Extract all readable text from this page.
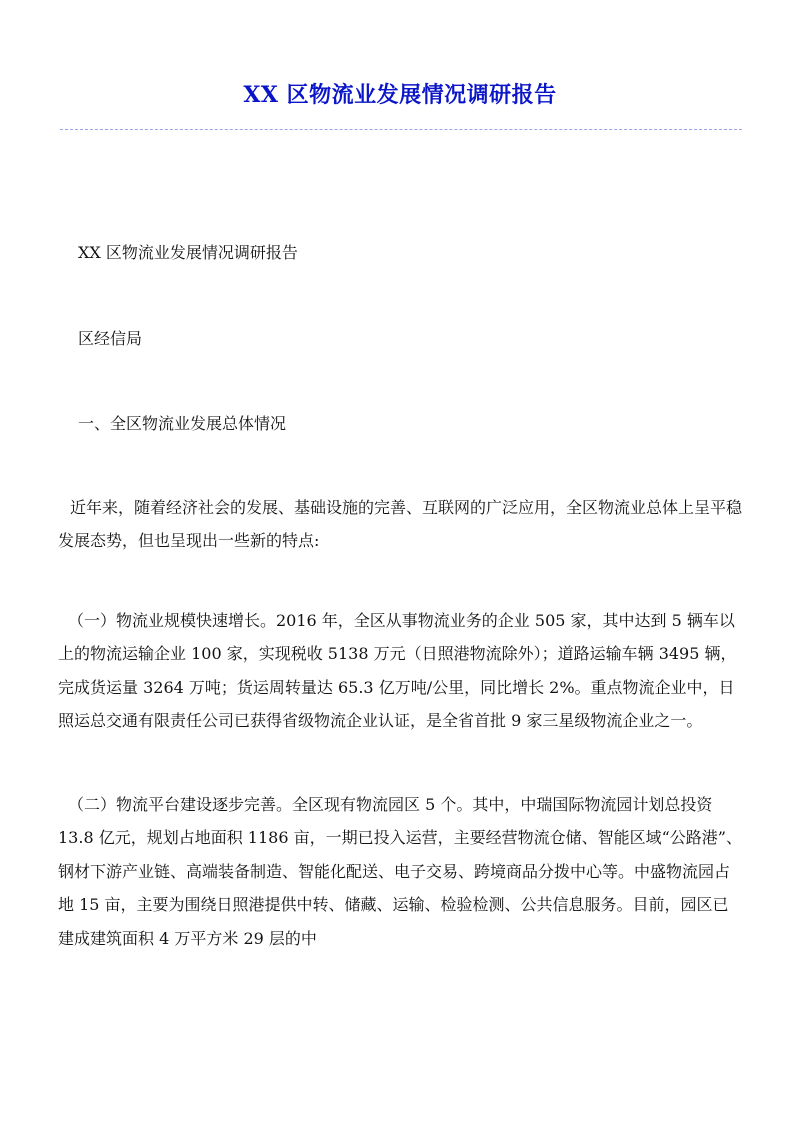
XX 区物流业发展情况调研报告

XX 区物流业发展情况调研报告

区经信局

一、全区物流业发展总体情况

近年来，随着经济社会的发展、基础设施的完善、互联网的广泛应用，全区物流业总体上呈平稳发展态势，但也呈现出一些新的特点:

（一）物流业规模快速增长。2016 年，全区从事物流业务的企业 505 家，其中达到 5 辆车以上的物流运输企业 100 家，实现税收 5138 万元（日照港物流除外）；道路运输车辆 3495 辆，完成货运量 3264 万吨；货运周转量达 65.3 亿万吨/公里，同比增长 2%。重点物流企业中，日照运总交通有限责任公司已获得省级物流企业认证，是全省首批 9 家三星级物流企业之一。

（二）物流平台建设逐步完善。全区现有物流园区 5 个。其中，中瑞国际物流园计划总投资 13.8 亿元，规划占地面积 1186 亩，一期已投入运营，主要经营物流仓储、智能区域“公路港”、钢材下游产业链、高端装备制造、智能化配送、电子交易、跨境商品分拨中心等。中盛物流园占地 15 亩，主要为围绕日照港提供中转、储藏、运输、检验检测、公共信息服务。目前，园区已建成建筑面积 4 万平方米 29 层的中
